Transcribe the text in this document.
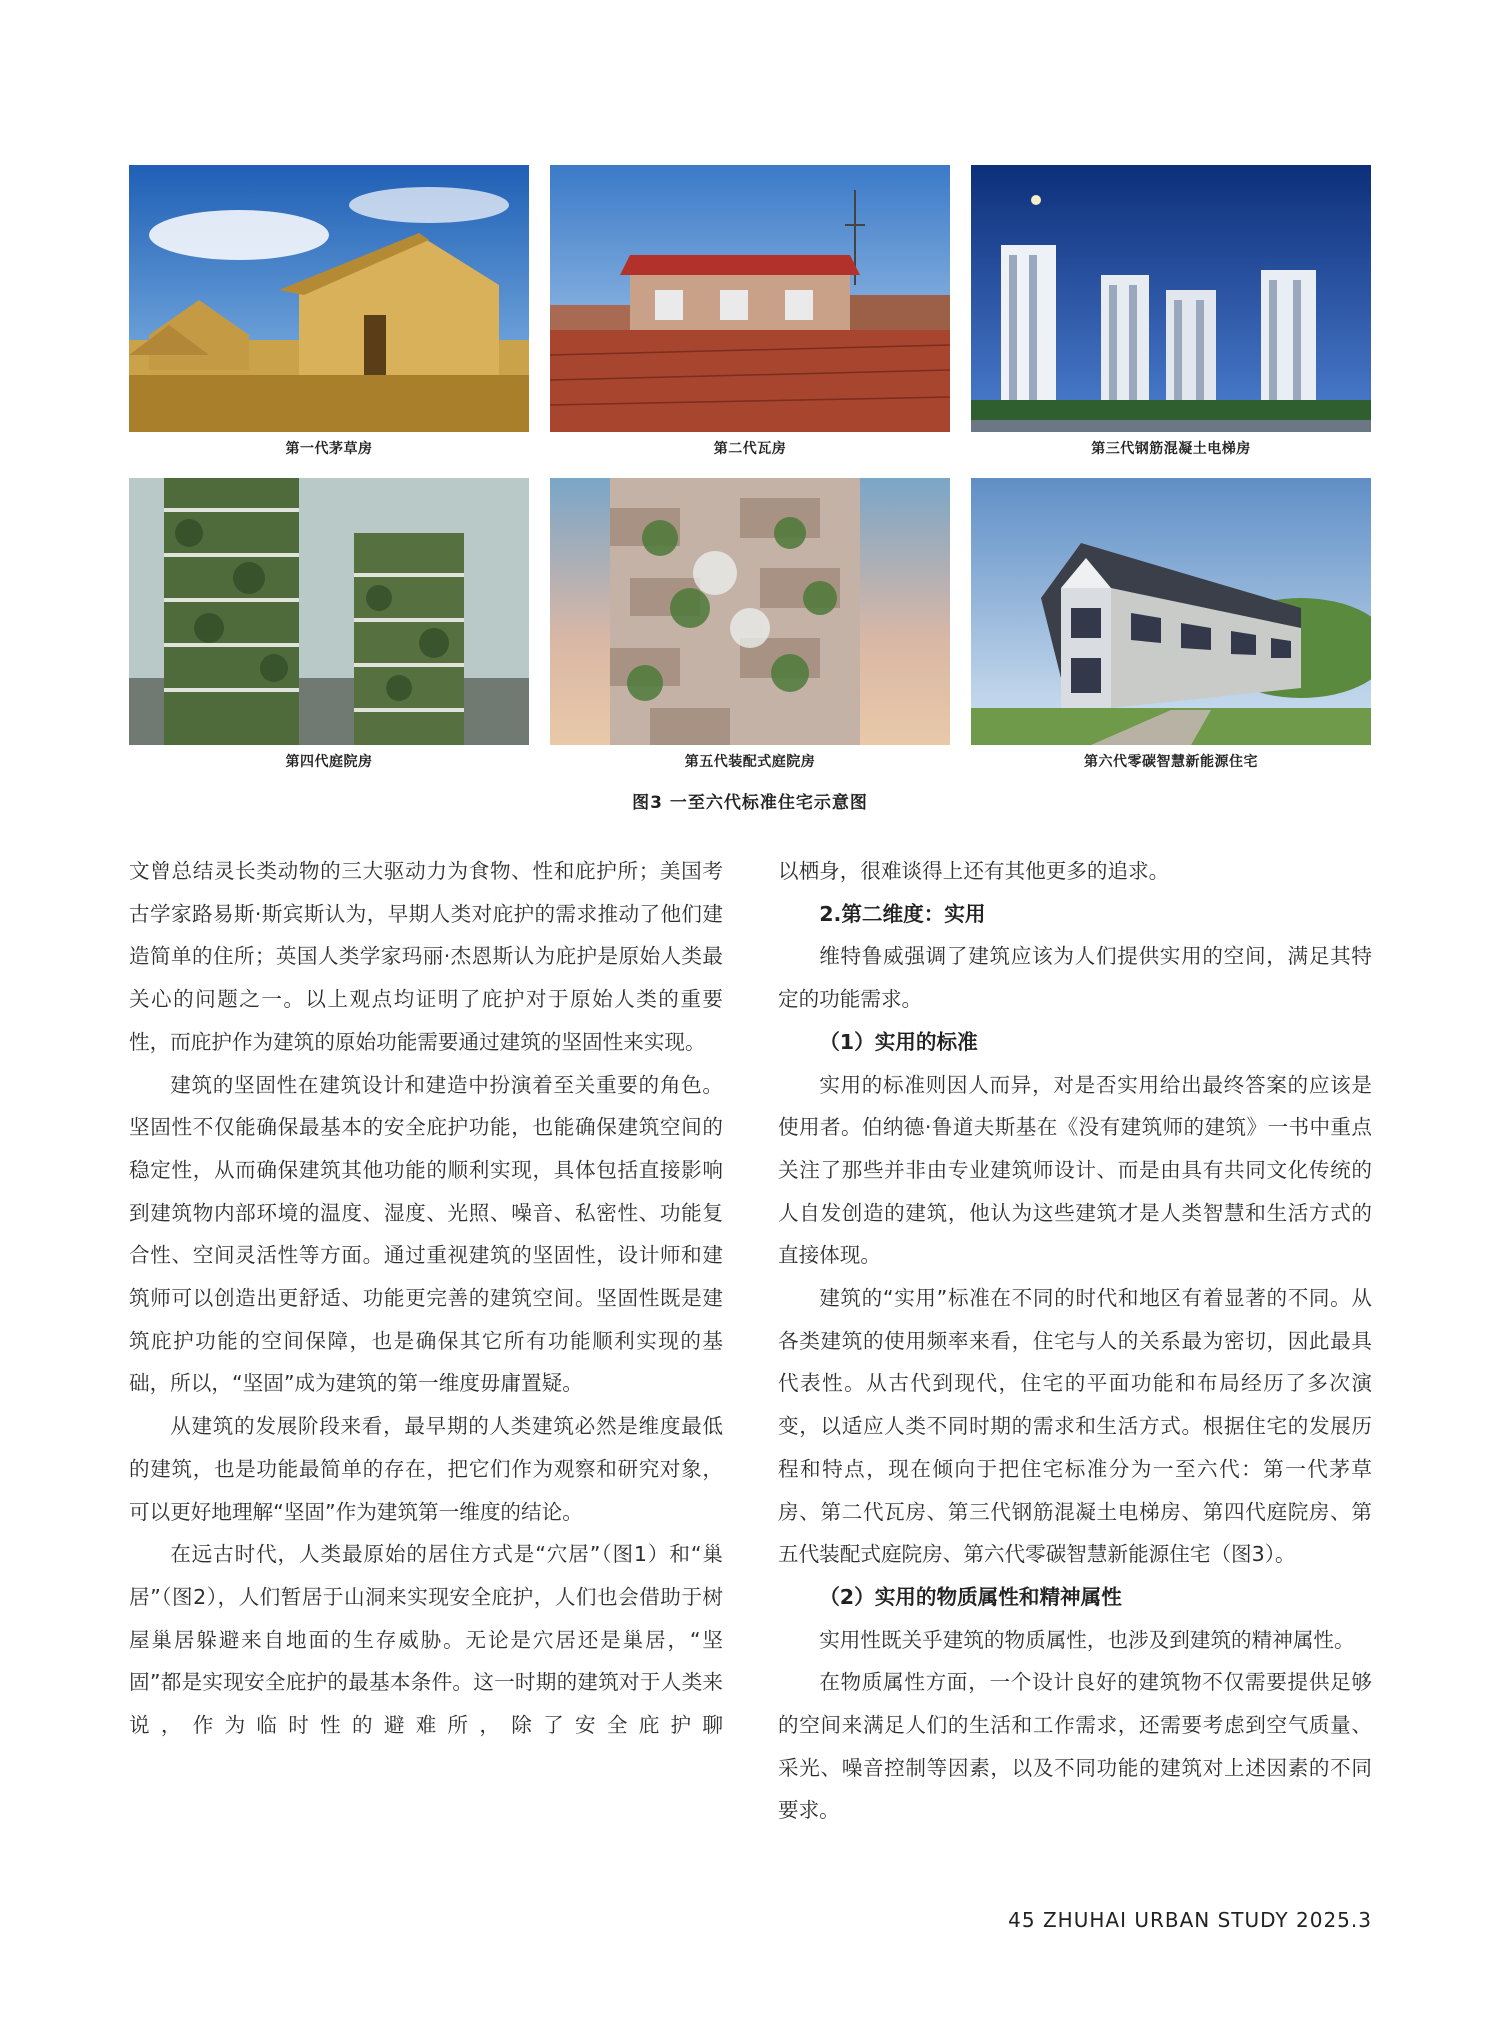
第一代茅草房	第二代瓦房	第三代钢筋混凝土电梯房
第四代庭院房	第五代装配式庭院房	第六代零碳智慧新能源住宅
图3 一至六代标准住宅示意图

文曾总结灵长类动物的三大驱动力为食物、性和庇护所；美国考古学家路易斯·斯宾斯认为，早期人类对庇护的需求推动了他们建造简单的住所；英国人类学家玛丽·杰恩斯认为庇护是原始人类最关心的问题之一。以上观点均证明了庇护对于原始人类的重要性，而庇护作为建筑的原始功能需要通过建筑的坚固性来实现。

建筑的坚固性在建筑设计和建造中扮演着至关重要的角色。坚固性不仅能确保最基本的安全庇护功能，也能确保建筑空间的稳定性，从而确保建筑其他功能的顺利实现，具体包括直接影响到建筑物内部环境的温度、湿度、光照、噪音、私密性、功能复合性、空间灵活性等方面。通过重视建筑的坚固性，设计师和建筑师可以创造出更舒适、功能更完善的建筑空间。坚固性既是建筑庇护功能的空间保障，也是确保其它所有功能顺利实现的基础，所以，“坚固”成为建筑的第一维度毋庸置疑。

从建筑的发展阶段来看，最早期的人类建筑必然是维度最低的建筑，也是功能最简单的存在，把它们作为观察和研究对象，可以更好地理解“坚固”作为建筑第一维度的结论。

在远古时代，人类最原始的居住方式是“穴居”（图1）和“巢居”（图2），人们暂居于山洞来实现安全庇护，人们也会借助于树屋巢居躲避来自地面的生存威胁。无论是穴居还是巢居，“坚固”都是实现安全庇护的最基本条件。这一时期的建筑对于人类来说，作为临时性的避难所，除了安全庇护聊

以栖身，很难谈得上还有其他更多的追求。

2.第二维度：实用

维特鲁威强调了建筑应该为人们提供实用的空间，满足其特定的功能需求。

（1）实用的标准

实用的标准则因人而异，对是否实用给出最终答案的应该是使用者。伯纳德·鲁道夫斯基在《没有建筑师的建筑》一书中重点关注了那些并非由专业建筑师设计、而是由具有共同文化传统的人自发创造的建筑，他认为这些建筑才是人类智慧和生活方式的直接体现。

建筑的“实用”标准在不同的时代和地区有着显著的不同。从各类建筑的使用频率来看，住宅与人的关系最为密切，因此最具代表性。从古代到现代，住宅的平面功能和布局经历了多次演变，以适应人类不同时期的需求和生活方式。根据住宅的发展历程和特点，现在倾向于把住宅标准分为一至六代：第一代茅草房、第二代瓦房、第三代钢筋混凝土电梯房、第四代庭院房、第五代装配式庭院房、第六代零碳智慧新能源住宅（图3）。

（2）实用的物质属性和精神属性

实用性既关乎建筑的物质属性，也涉及到建筑的精神属性。

在物质属性方面，一个设计良好的建筑物不仅需要提供足够的空间来满足人们的生活和工作需求，还需要考虑到空气质量、采光、噪音控制等因素，以及不同功能的建筑对上述因素的不同要求。

45 ZHUHAI URBAN STUDY 2025.3
